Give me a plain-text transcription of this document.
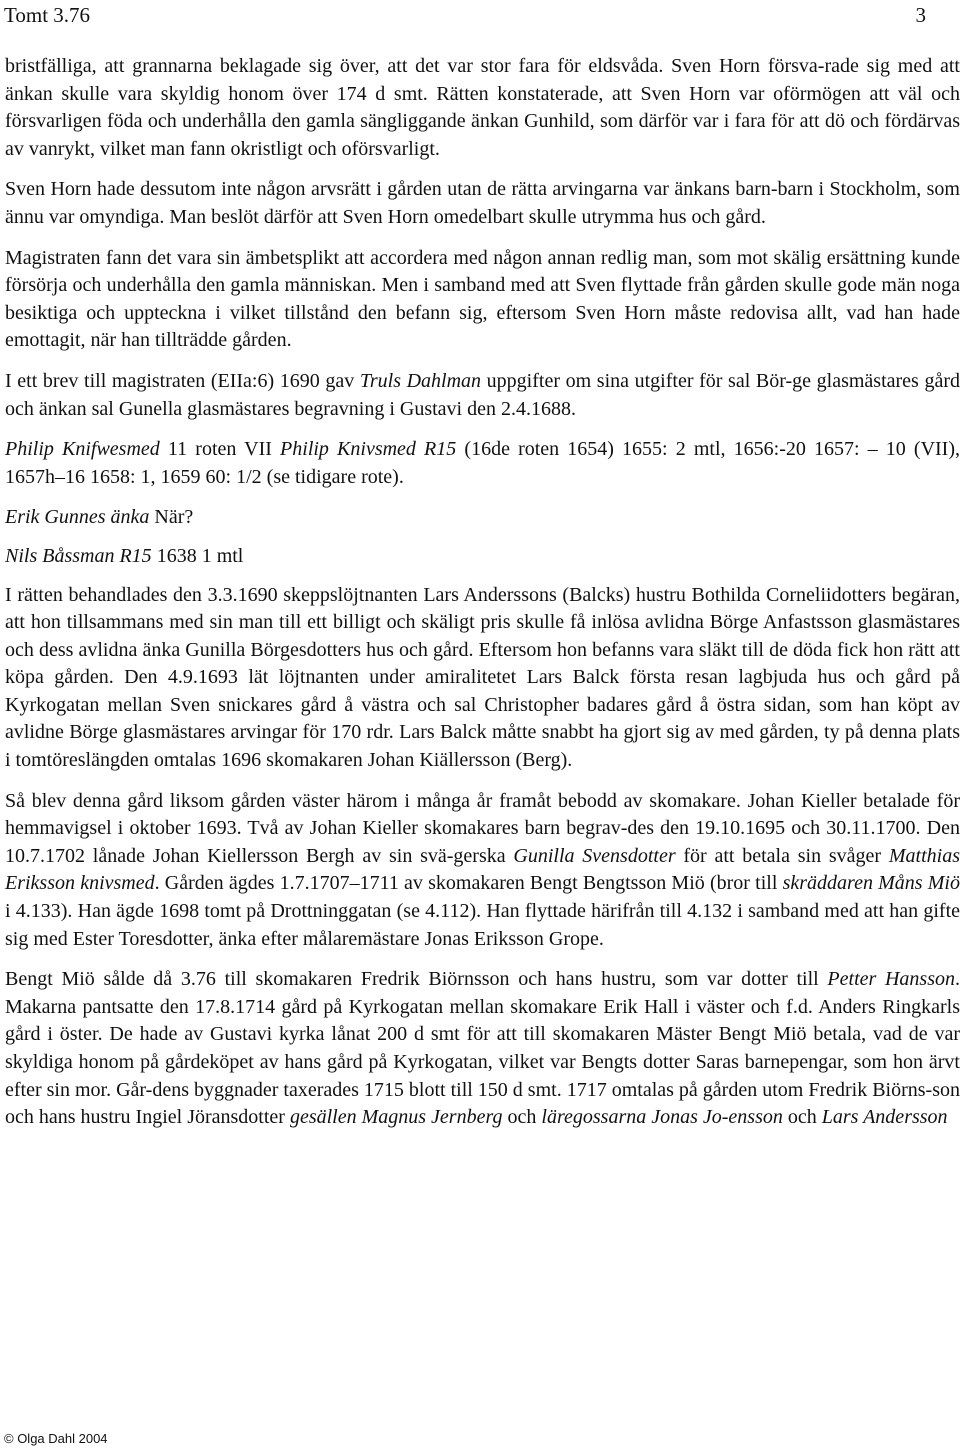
Tomt 3.76	3

bristfälliga, att grannarna beklagade sig över, att det var stor fara för eldsvåda. Sven Horn försva-rade sig med att änkan skulle vara skyldig honom över 174 d smt. Rätten konstaterade, att Sven Horn var oförmögen att väl och försvarligen föda och underhålla den gamla sängliggande änkan Gunhild, som därför var i fara för att dö och fördärvas av vanrykt, vilket man fann okristligt och oförsvarligt.

Sven Horn hade dessutom inte någon arvsrätt i gården utan de rätta arvingarna var änkans barn-barn i Stockholm, som ännu var omyndiga. Man beslöt därför att Sven Horn omedelbart skulle utrymma hus och gård.

Magistraten fann det vara sin ämbetsplikt att accordera med någon annan redlig man, som mot skälig ersättning kunde försörja och underhålla den gamla människan. Men i samband med att Sven flyttade från gården skulle gode män noga besiktiga och uppteckna i vilket tillstånd den befann sig, eftersom Sven Horn måste redovisa allt, vad han hade emottagit, när han tillträdde gården.

I ett brev till magistraten (EIIa:6) 1690 gav Truls Dahlman uppgifter om sina utgifter för sal Bör-ge glasmästares gård och änkan sal Gunella glasmästares begravning i Gustavi den 2.4.1688.

Philip Knifwesmed 11 roten VII Philip Knivsmed R15 (16de roten 1654) 1655: 2 mtl, 1656:-20 1657: – 10 (VII), 1657h–16 1658: 1, 1659 60: 1/2 (se tidigare rote).

Erik Gunnes änka När?

Nils Båssman R15 1638 1 mtl

I rätten behandlades den 3.3.1690 skeppslöjtnanten Lars Anderssons (Balcks) hustru Bothilda Corneliidotters begäran, att hon tillsammans med sin man till ett billigt och skäligt pris skulle få inlösa avlidna Börge Anfastsson glasmästares och dess avlidna änka Gunilla Börgesdotters hus och gård. Eftersom hon befanns vara släkt till de döda fick hon rätt att köpa gården. Den 4.9.1693 lät löjtnanten under amiralitetet Lars Balck första resan lagbjuda hus och gård på Kyrkogatan mellan Sven snickares gård å västra och sal Christopher badares gård å östra sidan, som han köpt av avlidne Börge glasmästares arvingar för 170 rdr. Lars Balck måtte snabbt ha gjort sig av med gården, ty på denna plats i tomtöreslängden omtalas 1696 skomakaren Johan Kiällersson (Berg).

Så blev denna gård liksom gården väster härom i många år framåt bebodd av skomakare. Johan Kieller betalade för hemmavigsel i oktober 1693. Två av Johan Kieller skomakares barn begrav-des den 19.10.1695 och 30.11.1700. Den 10.7.1702 lånade Johan Kiellersson Bergh av sin svä-gerska Gunilla Svensdotter för att betala sin svåger Matthias Eriksson knivsmed. Gården ägdes 1.7.1707–1711 av skomakaren Bengt Bengtsson Miö (bror till skräddaren Måns Miö i 4.133). Han ägde 1698 tomt på Drottninggatan (se 4.112). Han flyttade härifrån till 4.132 i samband med att han gifte sig med Ester Toresdotter, änka efter målaremästare Jonas Eriksson Grope.

Bengt Miö sålde då 3.76 till skomakaren Fredrik Biörnsson och hans hustru, som var dotter till Petter Hansson. Makarna pantsatte den 17.8.1714 gård på Kyrkogatan mellan skomakare Erik Hall i väster och f.d. Anders Ringkarls gård i öster. De hade av Gustavi kyrka lånat 200 d smt för att till skomakaren Mäster Bengt Miö betala, vad de var skyldiga honom på gårdeköpet av hans gård på Kyrkogatan, vilket var Bengts dotter Saras barnepengar, som hon ärvt efter sin mor. Går-dens byggnader taxerades 1715 blott till 150 d smt. 1717 omtalas på gården utom Fredrik Biörns-son och hans hustru Ingiel Jöransdotter gesällen Magnus Jernberg och läregossarna Jonas Jo-ensson och Lars Andersson

© Olga Dahl 2004
